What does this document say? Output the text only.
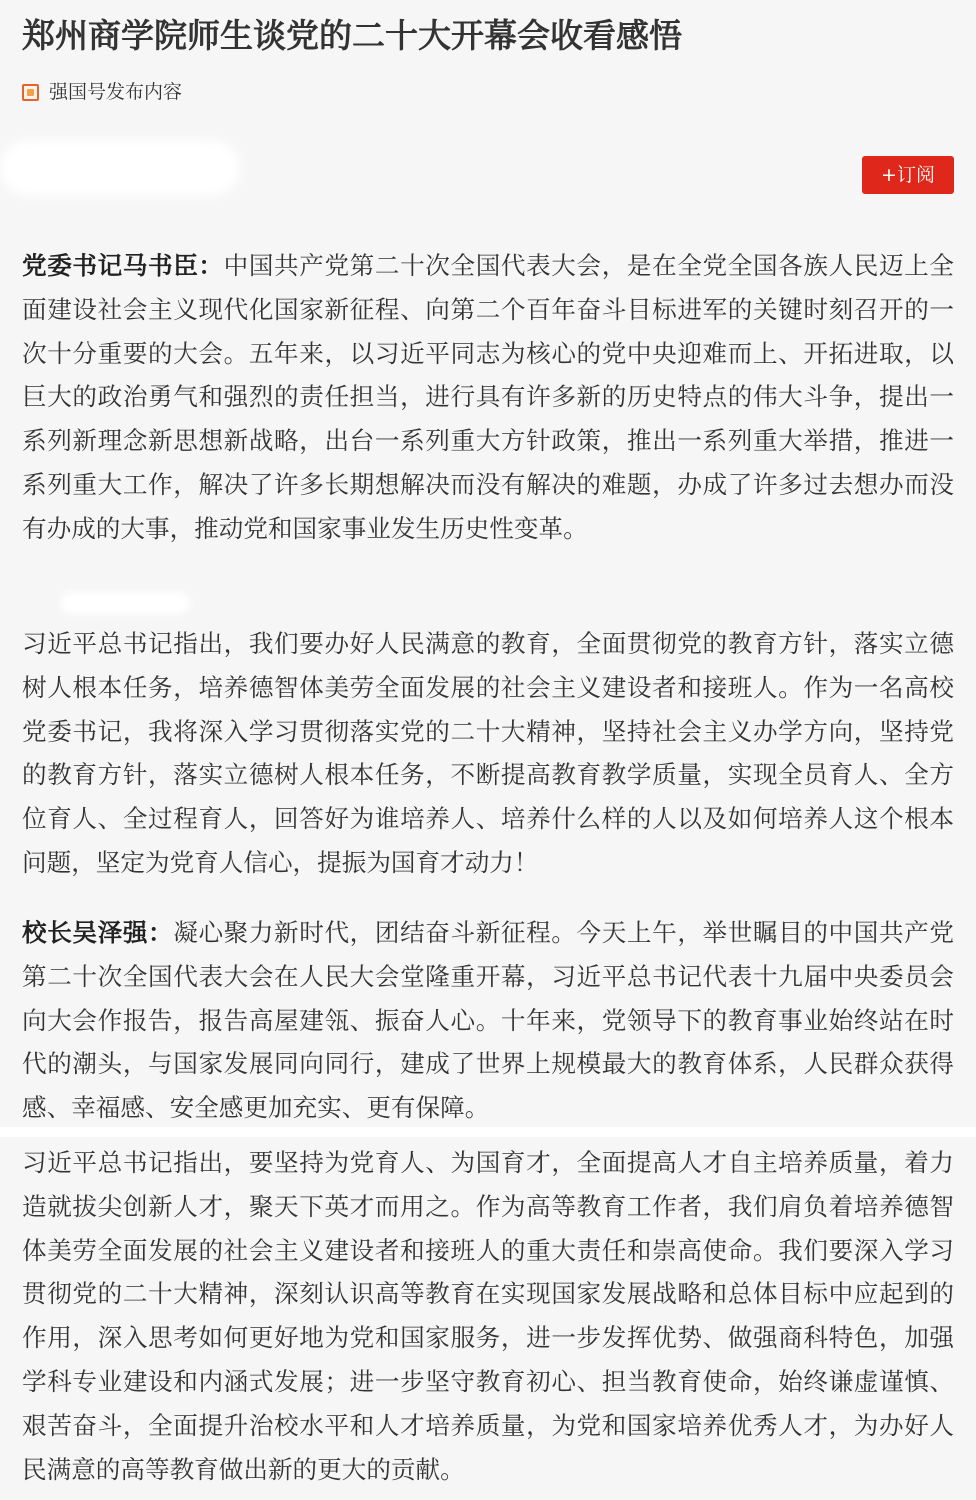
郑州商学院师生谈党的二十大开幕会收看感悟
强国号发布内容
+订阅
党委书记马书臣：中国共产党第二十次全国代表大会，是在全党全国各族人民迈上全面建设社会主义现代化国家新征程、向第二个百年奋斗目标进军的关键时刻召开的一次十分重要的大会。五年来，以习近平同志为核心的党中央迎难而上、开拓进取，以巨大的政治勇气和强烈的责任担当，进行具有许多新的历史特点的伟大斗争，提出一系列新理念新思想新战略，出台一系列重大方针政策，推出一系列重大举措，推进一系列重大工作，解决了许多长期想解决而没有解决的难题，办成了许多过去想办而没有办成的大事，推动党和国家事业发生历史性变革。
习近平总书记指出，我们要办好人民满意的教育，全面贯彻党的教育方针，落实立德树人根本任务，培养德智体美劳全面发展的社会主义建设者和接班人。作为一名高校党委书记，我将深入学习贯彻落实党的二十大精神，坚持社会主义办学方向，坚持党的教育方针，落实立德树人根本任务，不断提高教育教学质量，实现全员育人、全方位育人、全过程育人，回答好为谁培养人、培养什么样的人以及如何培养人这个根本问题，坚定为党育人信心，提振为国育才动力！
校长吴泽强：凝心聚力新时代，团结奋斗新征程。今天上午，举世瞩目的中国共产党第二十次全国代表大会在人民大会堂隆重开幕，习近平总书记代表十九届中央委员会向大会作报告，报告高屋建瓴、振奋人心。十年来，党领导下的教育事业始终站在时代的潮头，与国家发展同向同行，建成了世界上规模最大的教育体系，人民群众获得感、幸福感、安全感更加充实、更有保障。
习近平总书记指出，要坚持为党育人、为国育才，全面提高人才自主培养质量，着力造就拔尖创新人才，聚天下英才而用之。作为高等教育工作者，我们肩负着培养德智体美劳全面发展的社会主义建设者和接班人的重大责任和崇高使命。我们要深入学习贯彻党的二十大精神，深刻认识高等教育在实现国家发展战略和总体目标中应起到的作用，深入思考如何更好地为党和国家服务，进一步发挥优势、做强商科特色，加强学科专业建设和内涵式发展；进一步坚守教育初心、担当教育使命，始终谦虚谨慎、艰苦奋斗，全面提升治校水平和人才培养质量，为党和国家培养优秀人才，为办好人民满意的高等教育做出新的更大的贡献。
